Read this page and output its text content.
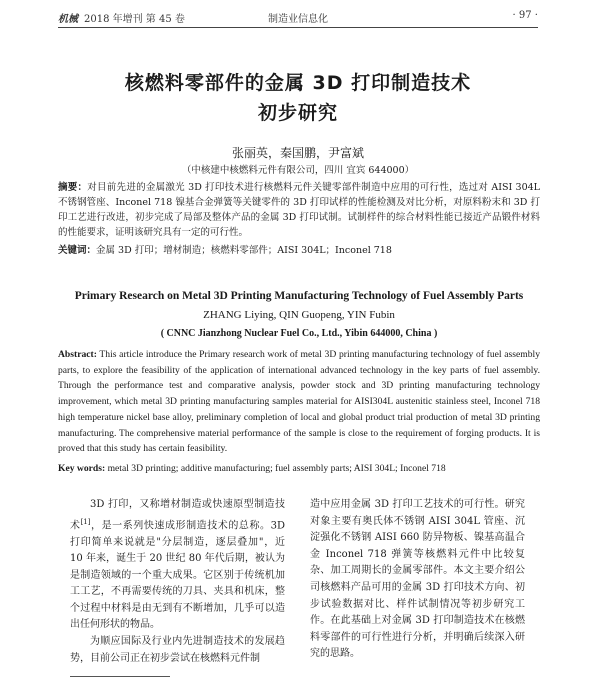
机械 2018 年增刊 第 45 卷	制造业信息化	· 97 ·
核燃料零部件的金属 3D 打印制造技术
初步研究
张丽英，秦国鹏，尹富斌
（中核建中核燃料元件有限公司，四川 宜宾 644000）
摘要：对目前先进的金属激光 3D 打印技术进行核燃料元件关键零部件制造中应用的可行性，选过对 AISI 304L 不锈钢管座、Inconel 718 镍基合金弹簧等关键零件的 3D 打印试样的性能检测及对比分析，对原料粉末和 3D 打印工艺进行改进，初步完成了局部及整体产品的金属 3D 打印试制。试制样件的综合材料性能已接近产品锻件材料的性能要求，证明该研究具有一定的可行性。
关键词：金属 3D 打印；增材制造；核燃料零部件；AISI 304L；Inconel 718
Primary Research on Metal 3D Printing Manufacturing Technology of Fuel Assembly Parts
ZHANG Liying, QIN Guopeng, YIN Fubin
( CNNC Jianzhong Nuclear Fuel Co., Ltd., Yibin 644000, China )
Abstract: This article introduce the Primary research work of metal 3D printing manufacturing technology of fuel assembly parts, to explore the feasibility of the application of international advanced technology in the key parts of fuel assembly. Through the performance test and comparative analysis, powder stock and 3D printing manufacturing technology improvement, which metal 3D printing manufacturing samples material for AISI304L austenitic stainless steel, Inconel 718 high temperature nickel base alloy, preliminary completion of local and global product trial production of metal 3D printing manufacturing. The comprehensive material performance of the sample is close to the requirement of forging products. It is proved that this study has certain feasibility.
Key words: metal 3D printing; additive manufacturing; fuel assembly parts; AISI 304L; Inconel 718

3D 打印，又称增材制造或快速原型制造技术[1]，是一系列快速成形制造技术的总称。3D 打印简单来说就是"分层制造，逐层叠加"，近 10 年来，诞生于 20 世纪 80 年代后期，被认为是制造领域的一个重大成果。它区别于传统机加工工艺，不再需要传统的刀具、夹具和机床，整个过程中材料是由无到有不断增加，几乎可以造出任何形状的物品。

为顺应国际及行业内先进制造技术的发展趋势，目前公司正在初步尝试在核燃料元件制

造中应用金属 3D 打印工艺技术的可行性。研究对象主要有奥氏体不锈钢 AISI 304L 管座、沉淀强化不锈钢 AISI 660 防异物板、镍基高温合金 Inconel 718 弹簧等核燃料元件中比较复杂、加工周期长的金属零部件。本文主要介绍公司核燃料产品可用的金属 3D 打印技术方向、初步试验数据对比、样件试制情况等初步研究工作。在此基础上对金属 3D 打印制造技术在核燃料零部件的可行性进行分析，并明确后续深入研究的思路。
